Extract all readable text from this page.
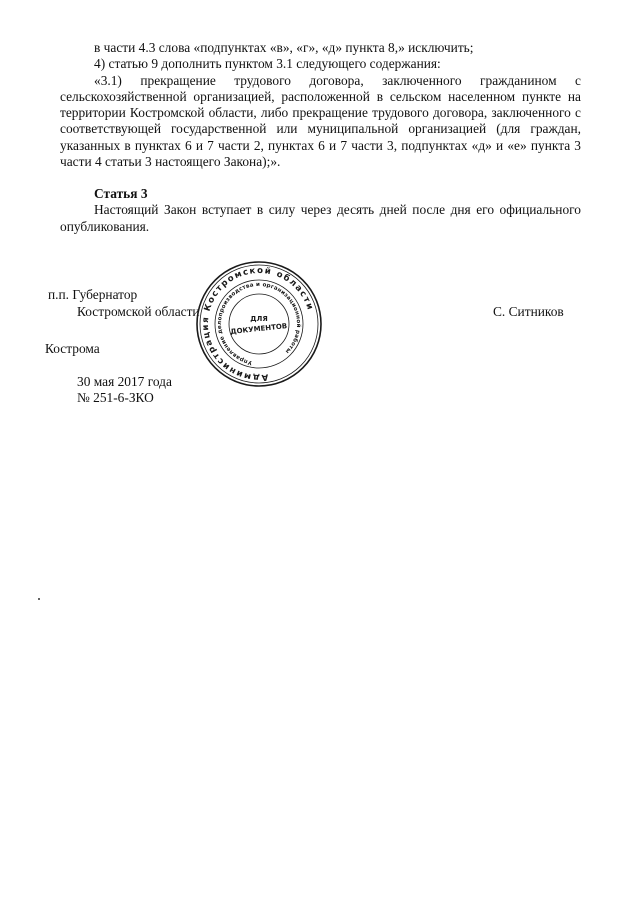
в части 4.3 слова «подпунктах «в», «г», «д» пункта 8,» исключить;

4) статью 9 дополнить пунктом 3.1 следующего содержания:

«3.1) прекращение трудового договора, заключенного гражданином с сельскохозяйственной организацией, расположенной в сельском населенном пункте на территории Костромской области, либо прекращение трудового договора, заключенного с соответствующей государственной или муниципальной организацией (для граждан, указанных в пунктах 6 и 7 части 2, пунктах 6 и 7 части 3, подпунктах «д» и «е» пункта 3 части 4 статьи 3 настоящего Закона);».

Статья 3

Настоящий Закон вступает в силу через десять дней после дня его официального опубликования.

п.п. Губернатор
Костромской области	С. Ситников
Кострома
30 мая 2017 года
№ 251-6-ЗКО
Администрация Костромской области
Управление делопроизводства и организационной работы
ДЛЯ
ДОКУМЕНТОВ
